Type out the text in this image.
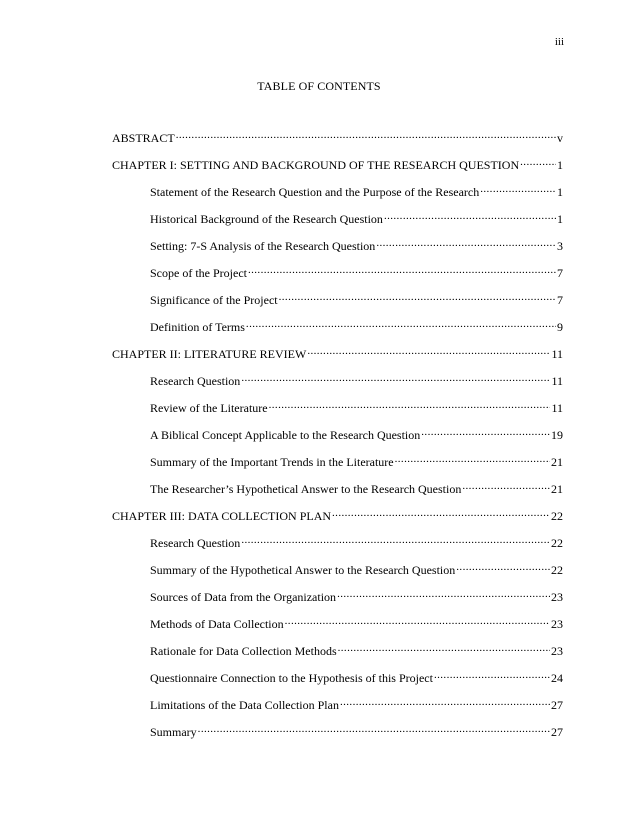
iii
TABLE OF CONTENTS
ABSTRACT .....	v
CHAPTER I: SETTING AND BACKGROUND OF THE RESEARCH QUESTION .....	1
Statement of the Research Question and the Purpose of the Research .....	1
Historical Background of the Research Question .....	1
Setting: 7-S Analysis of the Research Question .....	3
Scope of the Project .....	7
Significance of the Project .....	7
Definition of Terms .....	9
CHAPTER II: LITERATURE REVIEW .....	11
Research Question .....	11
Review of the Literature .....	11
A Biblical Concept Applicable to the Research Question .....	19
Summary of the Important Trends in the Literature .....	21
The Researcher’s Hypothetical Answer to the Research Question .....	21
CHAPTER III: DATA COLLECTION PLAN .....	22
Research Question .....	22
Summary of the Hypothetical Answer to the Research Question .....	22
Sources of Data from the Organization .....	23
Methods of Data Collection .....	23
Rationale for Data Collection Methods .....	23
Questionnaire Connection to the Hypothesis of this Project .....	24
Limitations of the Data Collection Plan .....	27
Summary .....	27
